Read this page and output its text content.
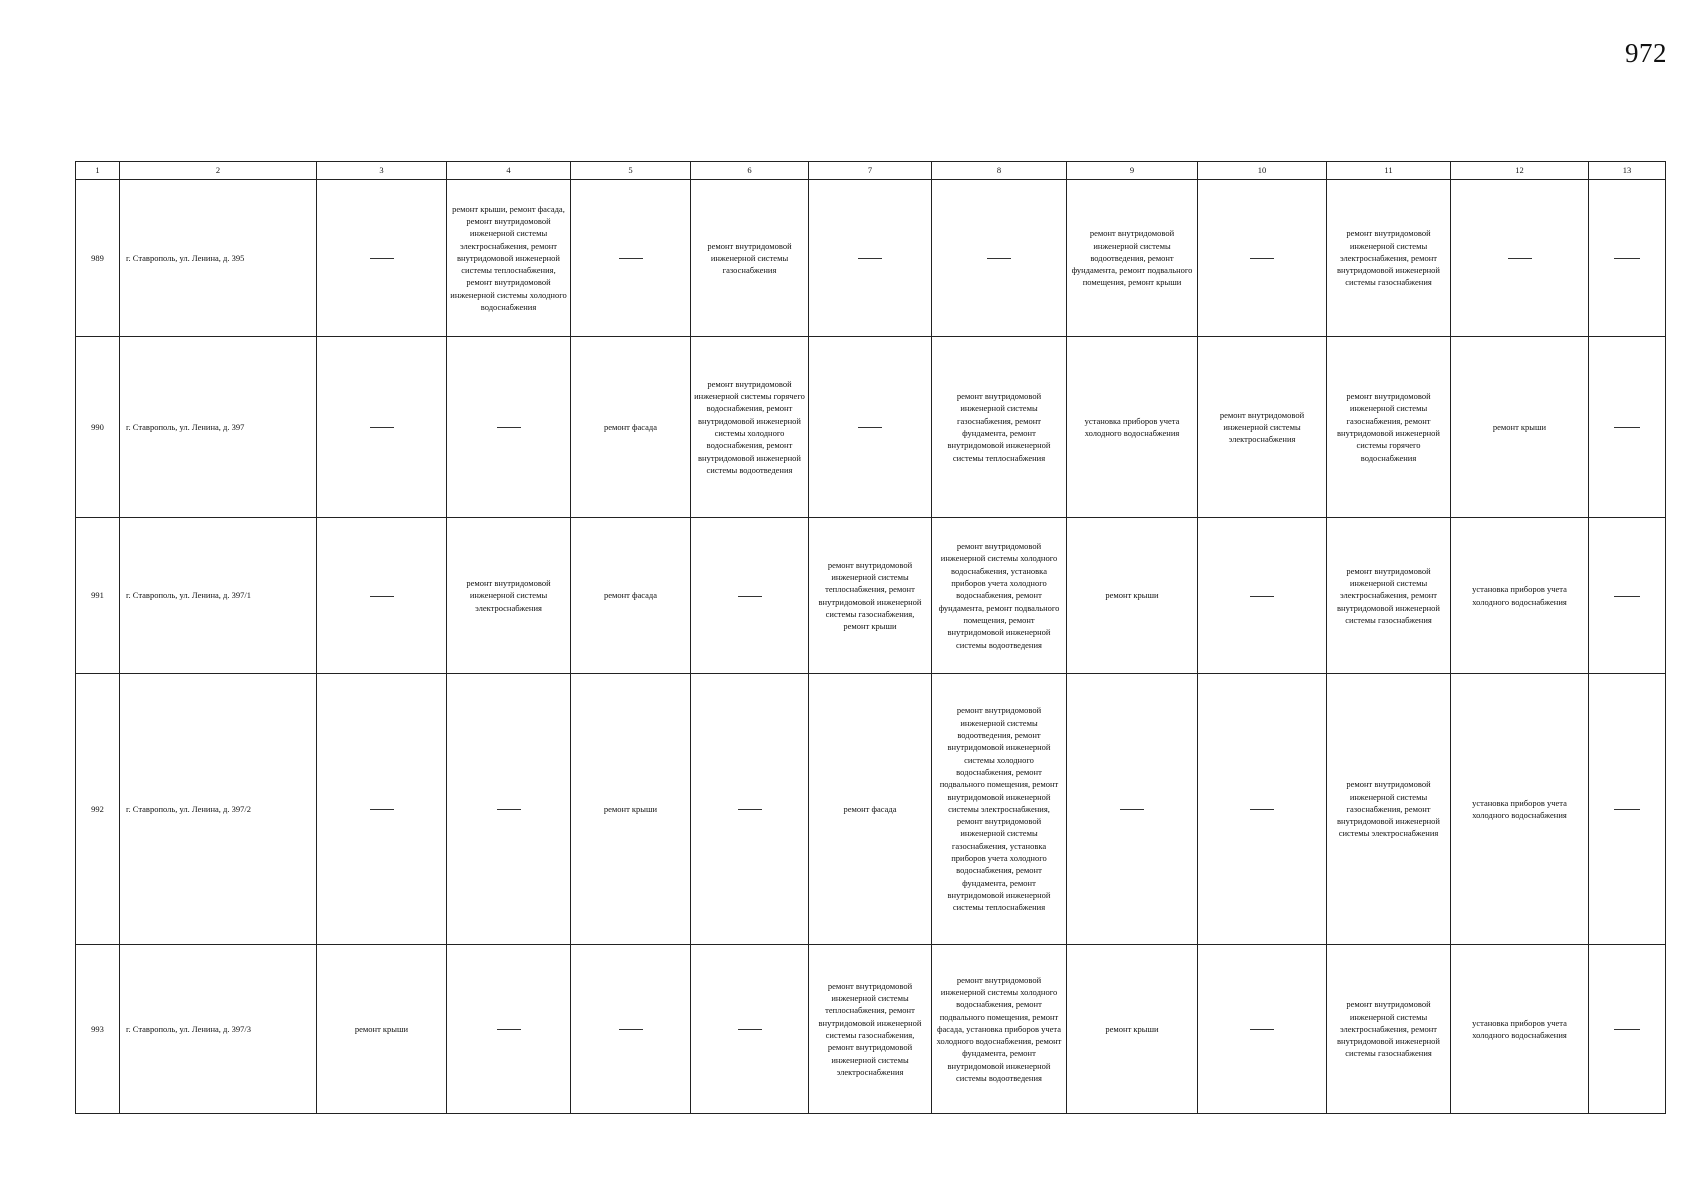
972
1	2	3	4	5	6	7	8	9	10	11	12	13
989	г. Ставрополь, ул. Ленина, д. 395		ремонт крыши, ремонт фасада, ремонт внутридомовой инженерной системы электроснабжения, ремонт внутридомовой инженерной системы теплоснабжения, ремонт внутридомовой инженерной системы холодного водоснабжения		ремонт внутридомовой инженерной системы газоснабжения			ремонт внутридомовой инженерной системы водоотведения, ремонт фундамента, ремонт подвального помещения, ремонт крыши		ремонт внутридомовой инженерной системы электроснабжения, ремонт внутридомовой инженерной системы газоснабжения		
990	г. Ставрополь, ул. Ленина, д. 397			ремонт фасада	ремонт внутридомовой инженерной системы горячего водоснабжения, ремонт внутридомовой инженерной системы холодного водоснабжения, ремонт внутридомовой инженерной системы водоотведения		ремонт внутридомовой инженерной системы газоснабжения, ремонт фундамента, ремонт внутридомовой инженерной системы теплоснабжения	установка приборов учета холодного водоснабжения	ремонт внутридомовой инженерной системы электроснабжения	ремонт внутридомовой инженерной системы газоснабжения, ремонт внутридомовой инженерной системы горячего водоснабжения	ремонт крыши	
991	г. Ставрополь, ул. Ленина, д. 397/1		ремонт внутридомовой инженерной системы электроснабжения	ремонт фасада		ремонт внутридомовой инженерной системы теплоснабжения, ремонт внутридомовой инженерной системы газоснабжения, ремонт крыши	ремонт внутридомовой инженерной системы холодного водоснабжения, установка приборов учета холодного водоснабжения, ремонт фундамента, ремонт подвального помещения, ремонт внутридомовой инженерной системы водоотведения	ремонт крыши		ремонт внутридомовой инженерной системы электроснабжения, ремонт внутридомовой инженерной системы газоснабжения	установка приборов учета холодного водоснабжения	
992	г. Ставрополь, ул. Ленина, д. 397/2			ремонт крыши		ремонт фасада	ремонт внутридомовой инженерной системы водоотведения, ремонт внутридомовой инженерной системы холодного водоснабжения, ремонт подвального помещения, ремонт внутридомовой инженерной системы электроснабжения, ремонт внутридомовой инженерной системы газоснабжения, установка приборов учета холодного водоснабжения, ремонт фундамента, ремонт внутридомовой инженерной системы теплоснабжения			ремонт внутридомовой инженерной системы газоснабжения, ремонт внутридомовой инженерной системы электроснабжения	установка приборов учета холодного водоснабжения	
993	г. Ставрополь, ул. Ленина, д. 397/3	ремонт крыши				ремонт внутридомовой инженерной системы теплоснабжения, ремонт внутридомовой инженерной системы газоснабжения, ремонт внутридомовой инженерной системы электроснабжения	ремонт внутридомовой инженерной системы холодного водоснабжения, ремонт подвального помещения, ремонт фасада, установка приборов учета холодного водоснабжения, ремонт фундамента, ремонт внутридомовой инженерной системы водоотведения	ремонт крыши		ремонт внутридомовой инженерной системы электроснабжения, ремонт внутридомовой инженерной системы газоснабжения	установка приборов учета холодного водоснабжения	
